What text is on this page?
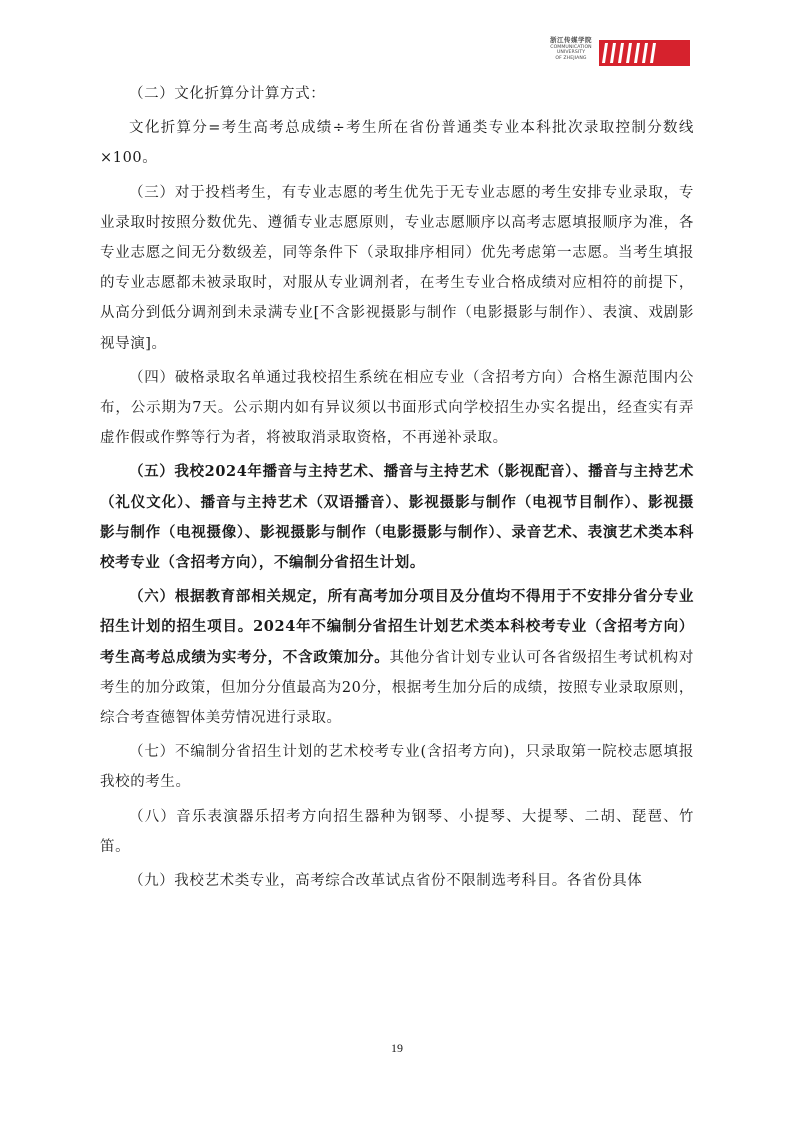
浙江传媒学院
COMMUNICATION
UNIVERSITY
OF ZHEJIANG

（二）文化折算分计算方式：

文化折算分=考生高考总成绩÷考生所在省份普通类专业本科批次录取控制分数线×100。

（三）对于投档考生，有专业志愿的考生优先于无专业志愿的考生安排专业录取，专业录取时按照分数优先、遵循专业志愿原则，专业志愿顺序以高考志愿填报顺序为准，各专业志愿之间无分数级差，同等条件下（录取排序相同）优先考虑第一志愿。当考生填报的专业志愿都未被录取时，对服从专业调剂者，在考生专业合格成绩对应相符的前提下，从高分到低分调剂到未录满专业[不含影视摄影与制作（电影摄影与制作）、表演、戏剧影视导演]。

（四）破格录取名单通过我校招生系统在相应专业（含招考方向）合格生源范围内公布，公示期为7天。公示期内如有异议须以书面形式向学校招生办实名提出，经查实有弄虚作假或作弊等行为者，将被取消录取资格，不再递补录取。

（五）我校2024年播音与主持艺术、播音与主持艺术（影视配音）、播音与主持艺术（礼仪文化）、播音与主持艺术（双语播音）、影视摄影与制作（电视节目制作）、影视摄影与制作（电视摄像）、影视摄影与制作（电影摄影与制作）、录音艺术、表演艺术类本科校考专业（含招考方向），不编制分省招生计划。

（六）根据教育部相关规定，所有高考加分项目及分值均不得用于不安排分省分专业招生计划的招生项目。2024年不编制分省招生计划艺术类本科校考专业（含招考方向）考生高考总成绩为实考分，不含政策加分。其他分省计划专业认可各省级招生考试机构对考生的加分政策，但加分分值最高为20分，根据考生加分后的成绩，按照专业录取原则，综合考查德智体美劳情况进行录取。

（七）不编制分省招生计划的艺术校考专业(含招考方向)，只录取第一院校志愿填报我校的考生。

（八）音乐表演器乐招考方向招生器种为钢琴、小提琴、大提琴、二胡、琵琶、竹笛。

（九）我校艺术类专业，高考综合改革试点省份不限制选考科目。各省份具体

19
